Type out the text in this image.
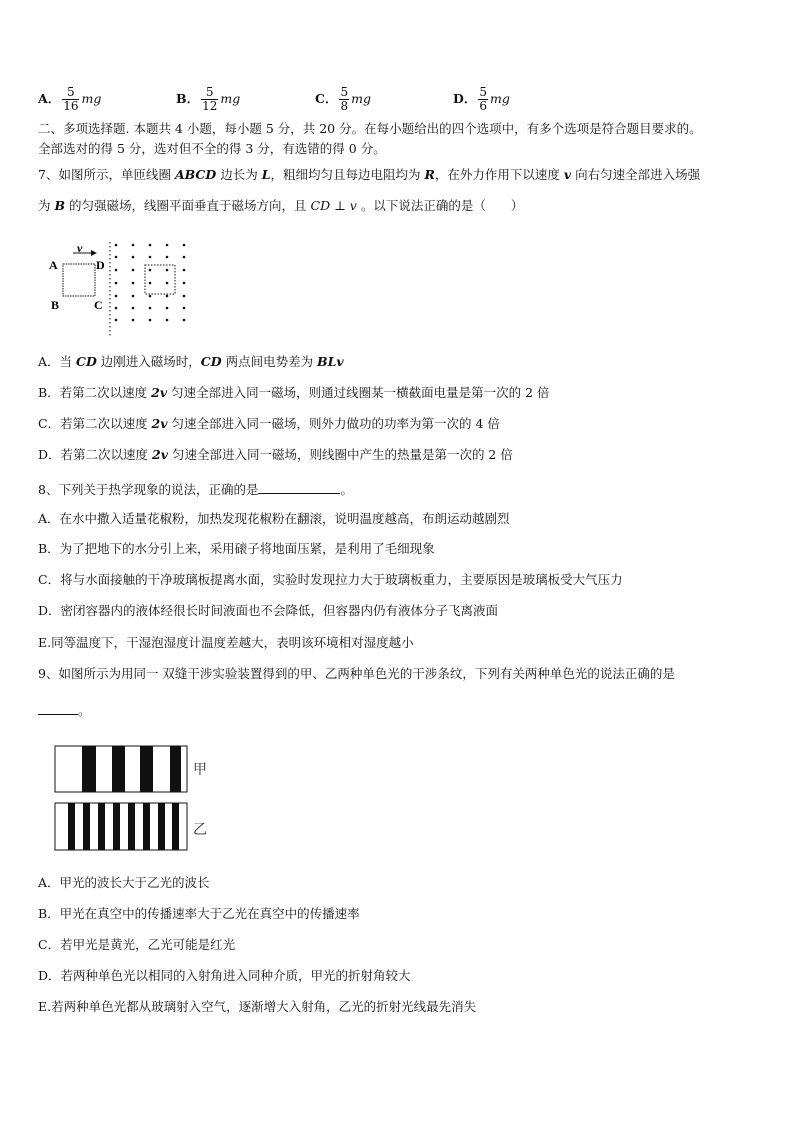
A． $\frac{5}{16}$ mg	B． $\frac{5}{12}$ mg	C． $\frac{5}{8}$ mg	D． $\frac{5}{6}$ mg
二、多项选择题. 本题共 4 小题，每小题 5 分，共 20 分。在每小题给出的四个选项中，有多个选项是符合题目要求的。
全部选对的得 5 分，选对但不全的得 3 分，有选错的得 0 分。
7、如图所示，单匝线圈 ABCD 边长为 L，粗细均匀且每边电阻均为 R，在外力作用下以速度 v 向右匀速全部进入场强
为 B 的匀强磁场，线圈平面垂直于磁场方向，且 CD ⊥ v 。以下说法正确的是（　　）
v
A	D
B	C
A．当 CD 边刚进入磁场时，CD 两点间电势差为 BLv
B．若第二次以速度 2v 匀速全部进入同一磁场，则通过线圈某一横截面电量是第一次的 2 倍
C．若第二次以速度 2v 匀速全部进入同一磁场，则外力做功的功率为第一次的 4 倍
D．若第二次以速度 2v 匀速全部进入同一磁场，则线圈中产生的热量是第一次的 2 倍
8、下列关于热学现象的说法，正确的是	。
A．在水中撒入适量花椒粉，加热发现花椒粉在翻滚，说明温度越高，布朗运动越剧烈
B．为了把地下的水分引上来，采用磙子将地面压紧，是利用了毛细现象
C．将与水面接触的干净玻璃板提离水面，实验时发现拉力大于玻璃板重力，主要原因是玻璃板受大气压力
D．密闭容器内的液体经很长时间液面也不会降低，但容器内仍有液体分子飞离液面
E.同等温度下，干湿泡湿度计温度差越大，表明该环境相对湿度越小
9、如图所示为用同一 双缝干涉实验装置得到的甲、乙两种单色光的干涉条纹，下列有关两种单色光的说法正确的是
。
甲
乙
A．甲光的波长大于乙光的波长
B．甲光在真空中的传播速率大于乙光在真空中的传播速率
C．若甲光是黄光，乙光可能是红光
D．若两种单色光以相同的入射角进入同种介质，甲光的折射角较大
E.若两种单色光都从玻璃射入空气，逐渐增大入射角，乙光的折射光线最先消失
